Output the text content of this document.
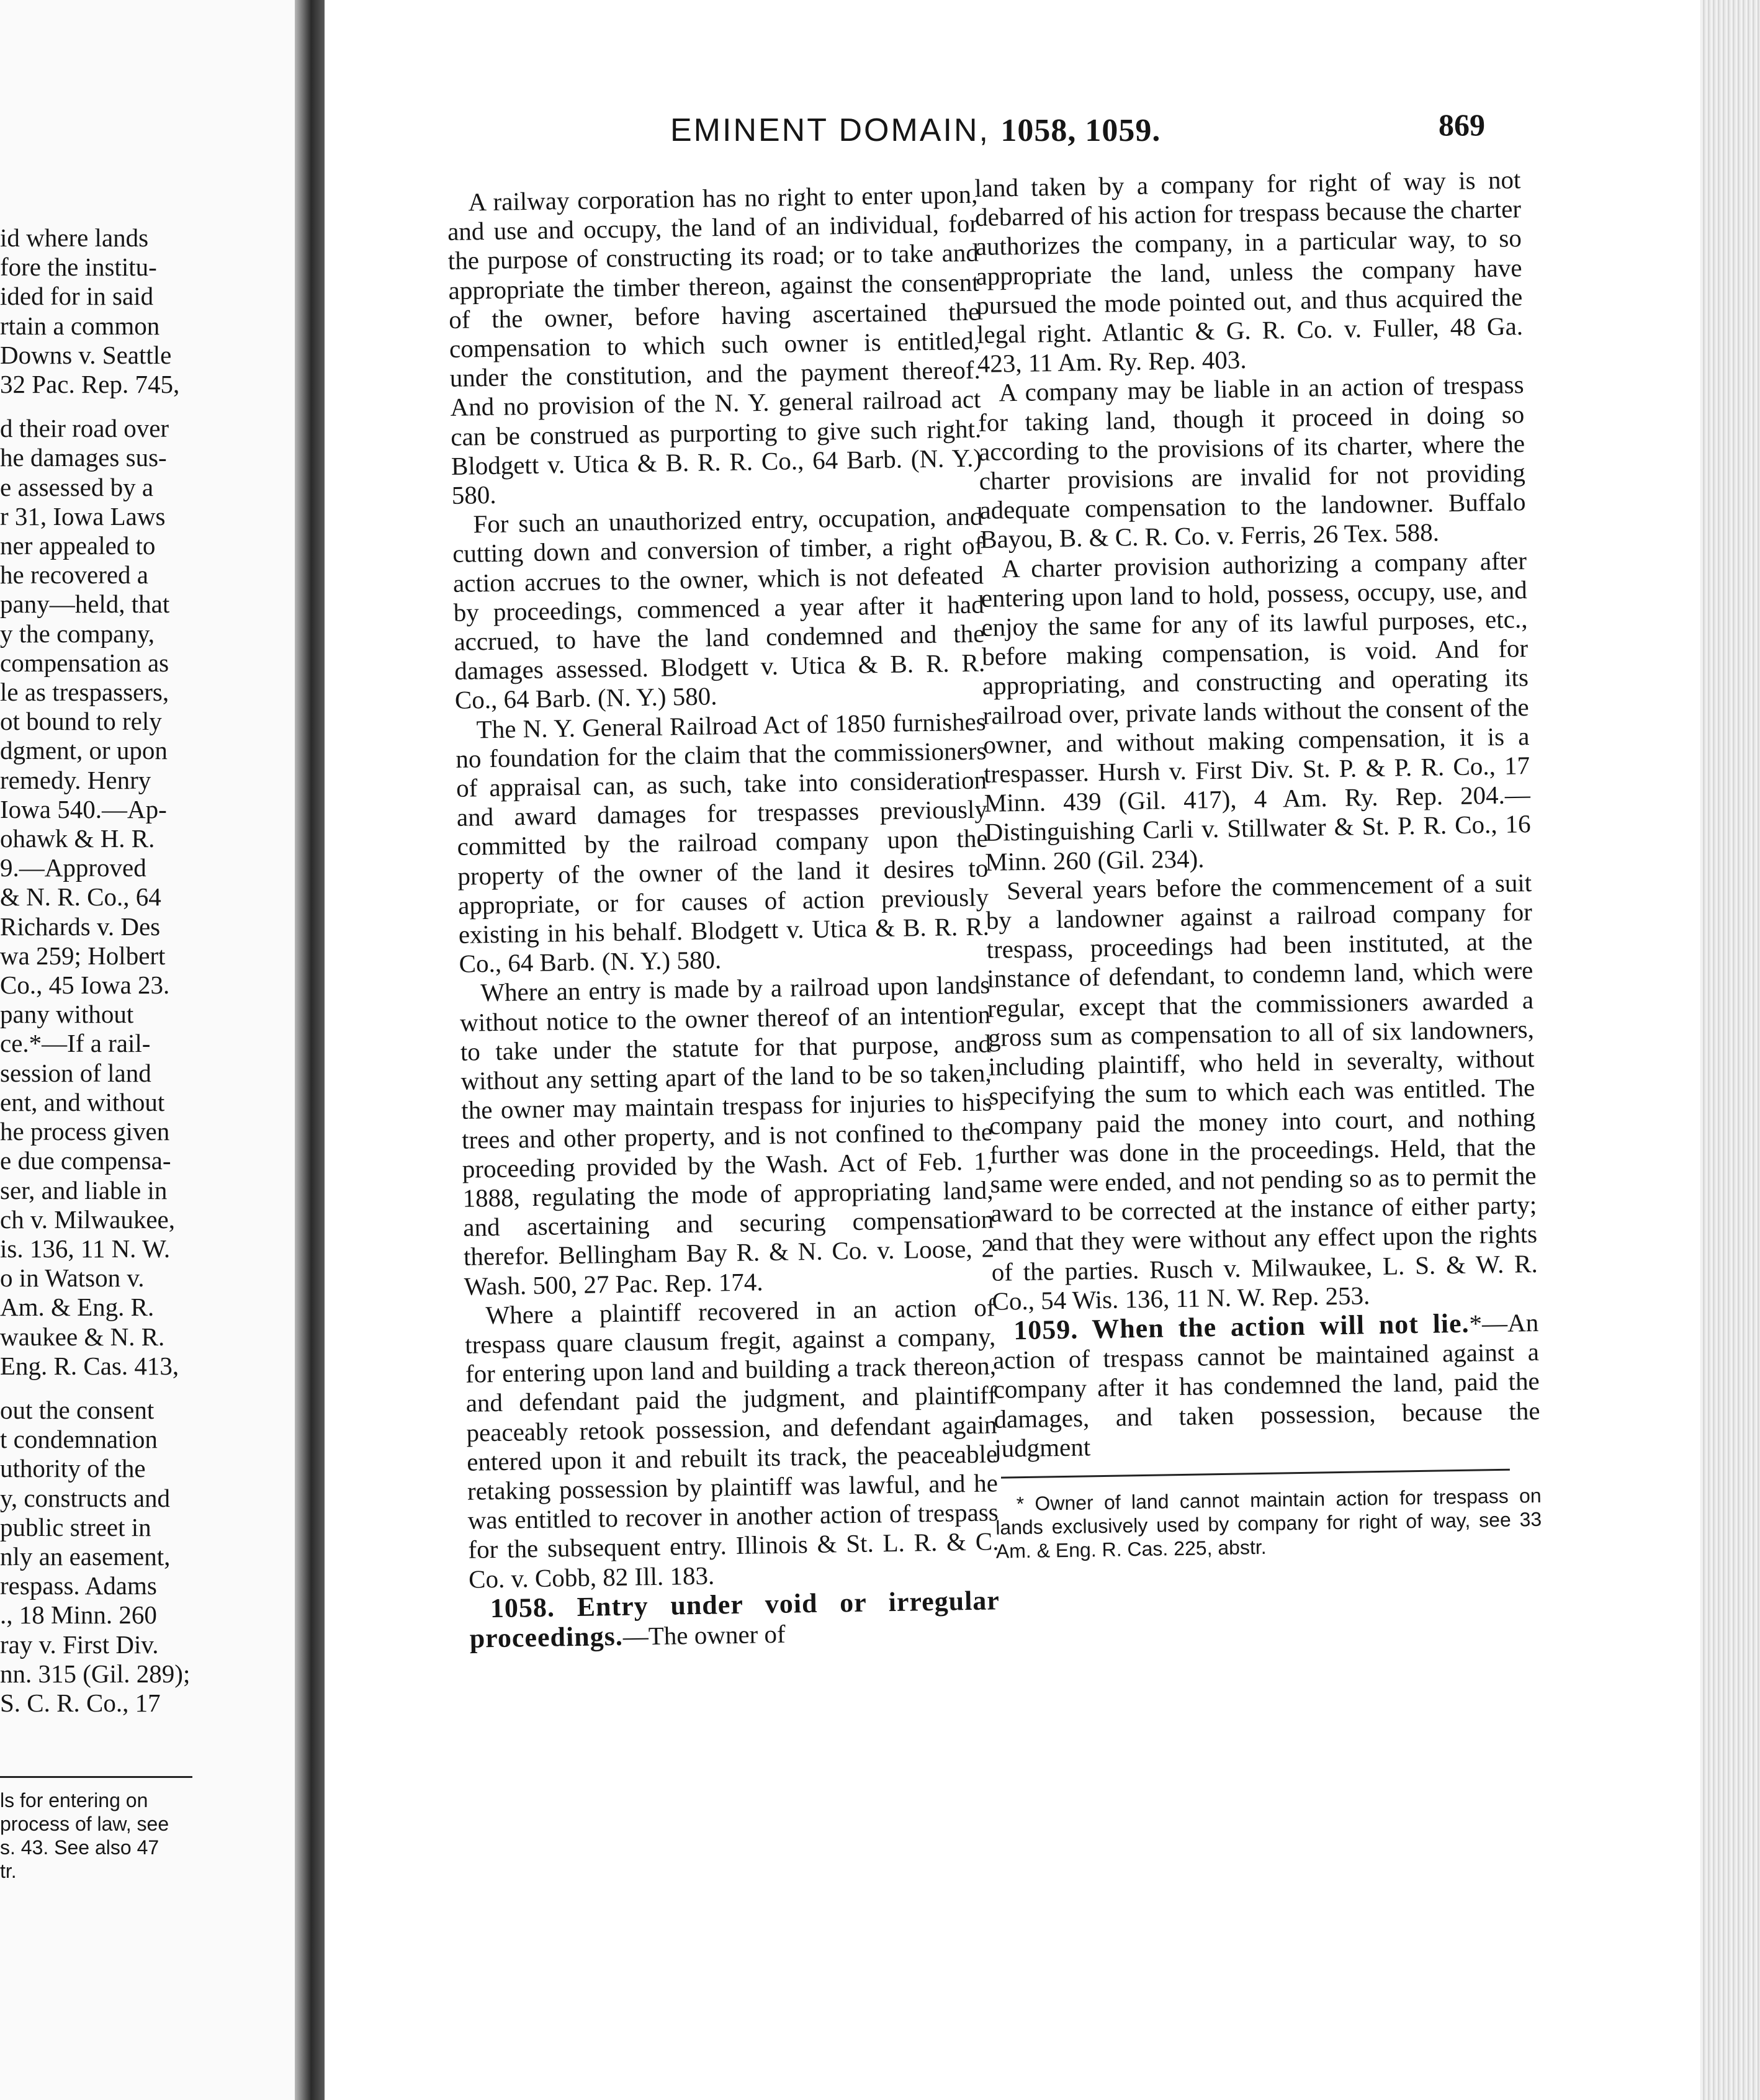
id where lands
fore the institu-
ided for in said
rtain a common
Downs v. Seattle
32 Pac. Rep. 745,
d their road over
he damages sus-
e assessed by a
r 31, Iowa Laws
ner appealed to
he recovered a
pany—held, that
y the company,
compensation as
le as trespassers,
ot bound to rely
dgment, or upon
remedy. Henry
Iowa 540.—Ap-
ohawk & H. R.
9.—Approved
& N. R. Co., 64
Richards v. Des
wa 259; Holbert
Co., 45 Iowa 23.
pany without
ce.*—If a rail-
session of land
ent, and without
he process given
e due compensa-
ser, and liable in
ch v. Milwaukee,
is. 136, 11 N. W.
o in Watson v.
Am. & Eng. R.
waukee & N. R.
Eng. R. Cas. 413,
out the consent
t condemnation
uthority of the
y, constructs and
public street in
nly an easement,
respass. Adams
., 18 Minn. 260
ray v. First Div.
nn. 315 (Gil. 289);
S. C. R. Co., 17
ls for entering on
process of law, see
s. 43. See also 47
tr.
EMINENT DOMAIN, 1058, 1059.	869

A railway corporation has no right to enter upon, and use and occupy, the land of an individual, for the purpose of constructing its road; or to take and appropriate the timber thereon, against the consent of the owner, before having ascertained the compensation to which such owner is entitled, under the constitution, and the payment thereof. And no provision of the N. Y. general railroad act can be construed as purporting to give such right. Blodgett v. Utica & B. R. R. Co., 64 Barb. (N. Y.) 580.

For such an unauthorized entry, occupation, and cutting down and conversion of timber, a right of action accrues to the owner, which is not defeated by proceedings, commenced a year after it had accrued, to have the land condemned and the damages assessed. Blodgett v. Utica & B. R. R. Co., 64 Barb. (N. Y.) 580.

The N. Y. General Railroad Act of 1850 furnishes no foundation for the claim that the commissioners of appraisal can, as such, take into consideration and award damages for trespasses previously committed by the railroad company upon the property of the owner of the land it desires to appropriate, or for causes of action previously existing in his behalf. Blodgett v. Utica & B. R. R. Co., 64 Barb. (N. Y.) 580.

Where an entry is made by a railroad upon lands without notice to the owner thereof of an intention to take under the statute for that purpose, and without any setting apart of the land to be so taken, the owner may maintain trespass for injuries to his trees and other property, and is not confined to the proceeding provided by the Wash. Act of Feb. 1, 1888, regulating the mode of appropriating land, and ascertaining and securing compensation therefor. Bellingham Bay R. & N. Co. v. Loose, 2 Wash. 500, 27 Pac. Rep. 174.

Where a plaintiff recovered in an action of trespass quare clausum fregit, against a company, for entering upon land and building a track thereon, and defendant paid the judgment, and plaintiff peaceably retook possession, and defendant again entered upon it and rebuilt its track, the peaceable retaking possession by plaintiff was lawful, and he was entitled to recover in another action of trespass for the subsequent entry. Illinois & St. L. R. & C. Co. v. Cobb, 82 Ill. 183.

1058. Entry under void or irregular proceedings.—The owner of

land taken by a company for right of way is not debarred of his action for trespass because the charter authorizes the company, in a particular way, to so appropriate the land, unless the company have pursued the mode pointed out, and thus acquired the legal right. Atlantic & G. R. Co. v. Fuller, 48 Ga. 423, 11 Am. Ry. Rep. 403.

A company may be liable in an action of trespass for taking land, though it proceed in doing so according to the provisions of its charter, where the charter provisions are invalid for not providing adequate compensation to the landowner. Buffalo Bayou, B. & C. R. Co. v. Ferris, 26 Tex. 588.

A charter provision authorizing a company after entering upon land to hold, possess, occupy, use, and enjoy the same for any of its lawful purposes, etc., before making compensation, is void. And for appropriating, and constructing and operating its railroad over, private lands without the consent of the owner, and without making compensation, it is a trespasser. Hursh v. First Div. St. P. & P. R. Co., 17 Minn. 439 (Gil. 417), 4 Am. Ry. Rep. 204.—Distinguishing Carli v. Stillwater & St. P. R. Co., 16 Minn. 260 (Gil. 234).

Several years before the commencement of a suit by a landowner against a railroad company for trespass, proceedings had been instituted, at the instance of defendant, to condemn land, which were regular, except that the commissioners awarded a gross sum as compensation to all of six landowners, including plaintiff, who held in severalty, without specifying the sum to which each was entitled. The company paid the money into court, and nothing further was done in the proceedings. Held, that the same were ended, and not pending so as to permit the award to be corrected at the instance of either party; and that they were without any effect upon the rights of the parties. Rusch v. Milwaukee, L. S. & W. R. Co., 54 Wis. 136, 11 N. W. Rep. 253.

1059. When the action will not lie.*—An action of trespass cannot be maintained against a company after it has condemned the land, paid the damages, and taken possession, because the judgment

* Owner of land cannot maintain action for trespass on lands exclusively used by company for right of way, see 33 Am. & Eng. R. Cas. 225, abstr.
